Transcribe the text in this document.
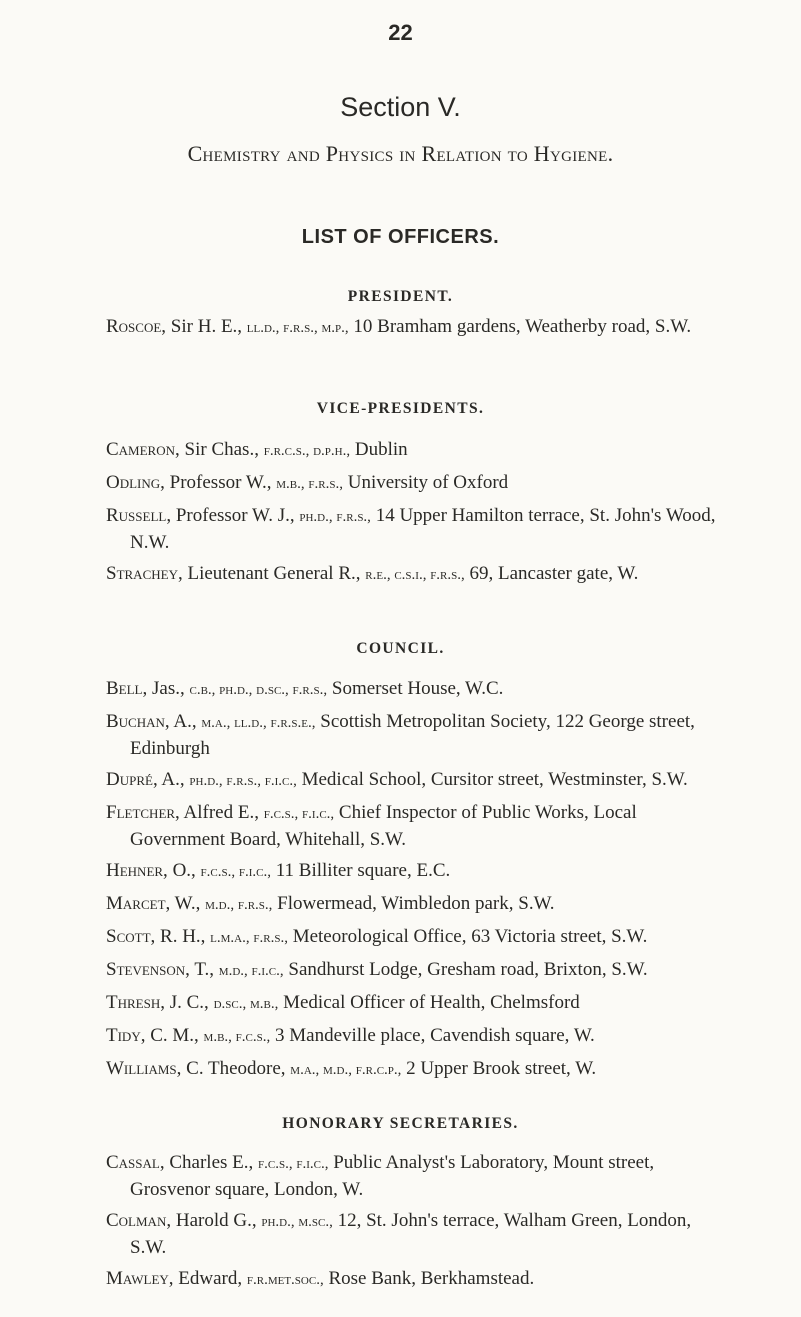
22
Section V.
Chemistry and Physics in Relation to Hygiene.
LIST OF OFFICERS.
PRESIDENT.
Roscoe, Sir H. E., ll.d., f.r.s., m.p., 10 Bramham gardens, Weatherby road, S.W.
VICE-PRESIDENTS.
Cameron, Sir Chas., f.r.c.s., d.p.h., Dublin
Odling, Professor W., m.b., f.r.s., University of Oxford
Russell, Professor W. J., ph.d., f.r.s., 14 Upper Hamilton terrace, St. John's Wood, N.W.
Strachey, Lieutenant General R., r.e., c.s.i., f.r.s., 69, Lancaster gate, W.
COUNCIL.
Bell, Jas., c.b., ph.d., d.sc., f.r.s., Somerset House, W.C.
Buchan, A., m.a., ll.d., f.r.s.e., Scottish Metropolitan Society, 122 George street, Edinburgh
Dupré, A., ph.d., f.r.s., f.i.c., Medical School, Cursitor street, Westminster, S.W.
Fletcher, Alfred E., f.c.s., f.i.c., Chief Inspector of Public Works, Local Government Board, Whitehall, S.W.
Hehner, O., f.c.s., f.i.c., 11 Billiter square, E.C.
Marcet, W., m.d., f.r.s., Flowermead, Wimbledon park, S.W.
Scott, R. H., l.m.a., f.r.s., Meteorological Office, 63 Victoria street, S.W.
Stevenson, T., m.d., f.i.c., Sandhurst Lodge, Gresham road, Brixton, S.W.
Thresh, J. C., d.sc., m.b., Medical Officer of Health, Chelmsford
Tidy, C. M., m.b., f.c.s., 3 Mandeville place, Cavendish square, W.
Williams, C. Theodore, m.a., m.d., f.r.c.p., 2 Upper Brook street, W.
HONORARY SECRETARIES.
Cassal, Charles E., f.c.s., f.i.c., Public Analyst's Laboratory, Mount street, Grosvenor square, London, W.
Colman, Harold G., ph.d., m.sc., 12, St. John's terrace, Walham Green, London, S.W.
Mawley, Edward, f.r.met.soc., Rose Bank, Berkhamstead.
